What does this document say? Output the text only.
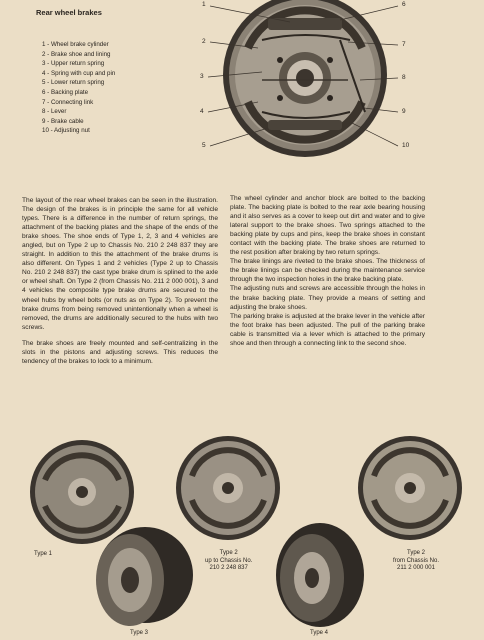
Rear wheel brakes
1 - Wheel brake cylinder
2 - Brake shoe and lining
3 - Upper return spring
4 - Spring with cup and pin
5 - Lower return spring
6 - Backing plate
7 - Connecting link
8 - Lever
9 - Brake cable
10 - Adjusting nut
1
2
3
4
5
6
7
8
9
10

The layout of the rear wheel brakes can be seen in the illustration. The design of the brakes is in principle the same for all vehicle types. There is a difference in the number of return springs, the attachment of the backing plates and the shape of the ends of the brake shoes. The shoe ends of Type 1, 2, 3 and 4 vehicles are angled, but on Type 2 up to Chassis No. 210 2 248 837 they are straight. In addition to this the attachment of the brake drums is also different. On Types 1 and 2 vehicles (Type 2 up to Chassis No. 210 2 248 837) the cast type brake drum is splined to the axle or wheel shaft. On Type 2 (from Chassis No. 211 2 000 001), 3 and 4 vehicles the composite type brake drums are secured to the wheel hubs by wheel bolts (or nuts as on Type 2). To prevent the brake drums from being removed unintentionally when a wheel is removed, the drums are additionally secured to the hubs with two screws.

The brake shoes are freely mounted and self-centralizing in the slots in the pistons and adjusting screws. This reduces the tendency of the brakes to lock to a minimum.

The wheel cylinder and anchor block are bolted to the backing plate. The backing plate is bolted to the rear axle bearing housing and it also serves as a cover to keep out dirt and water and to give lateral support to the brake shoes. Two springs attached to the backing plate by cups and pins, keep the brake shoes in constant contact with the backing plate. The brake shoes are returned to the rest position after braking by two return springs.

The brake linings are riveted to the brake shoes. The thickness of the brake linings can be checked during the maintenance service through the two inspection holes in the brake backing plate.

The adjusting nuts and screws are accessible through the holes in the brake backing plate. They provide a means of setting and adjusting the brake shoes.

The parking brake is adjusted at the brake lever in the vehicle after the foot brake has been adjusted. The pull of the parking brake cable is transmitted via a lever which is attached to the primary shoe and then through a connecting link to the second shoe.

Type 1	Type 2
up to Chassis No.
210 2 248 837
Type 2
from Chassis No.
211 2 000 001
Type 3	Type 4
